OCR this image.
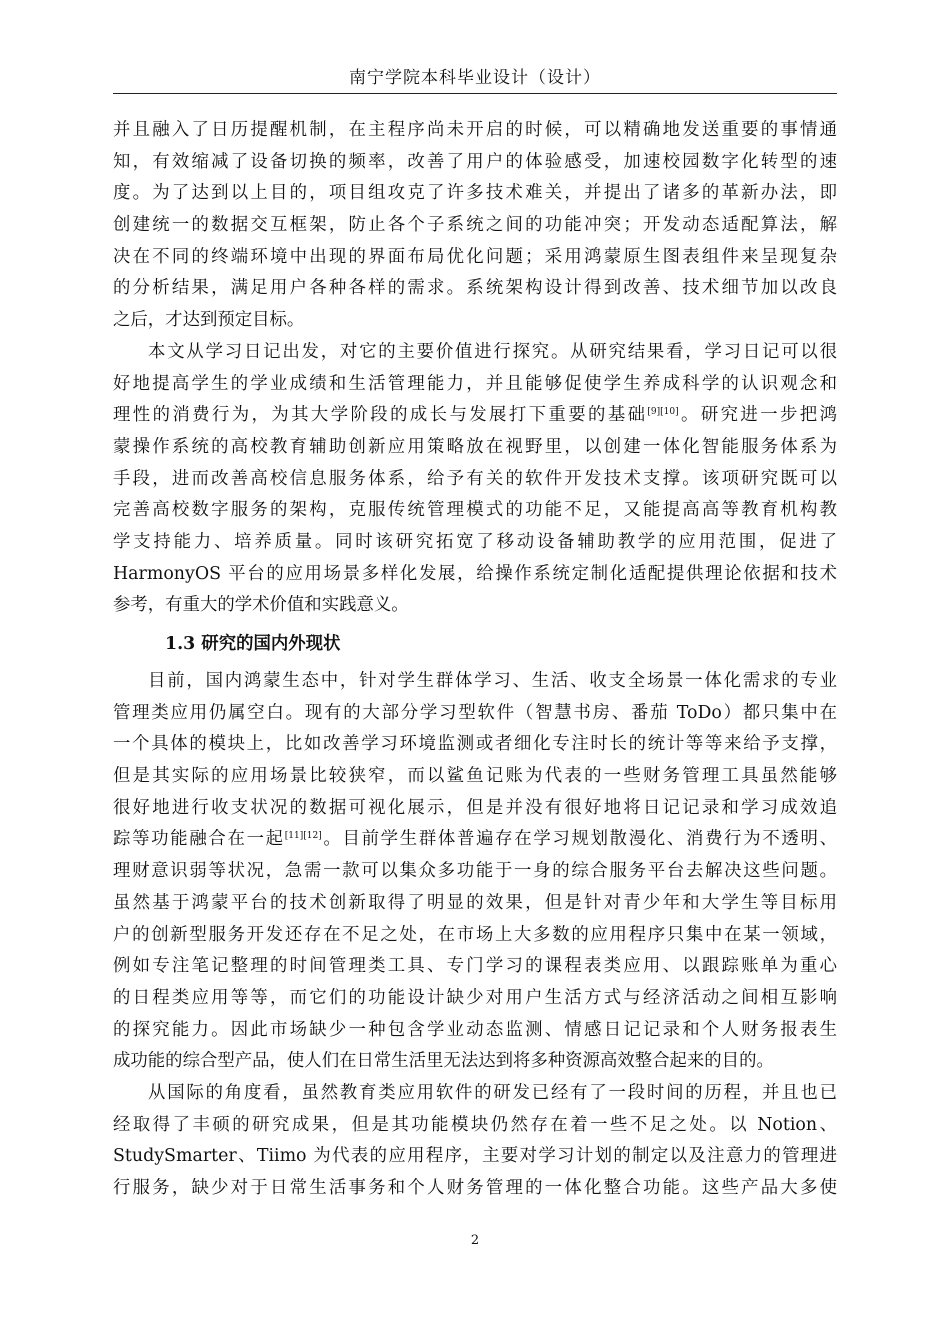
南宁学院本科毕业设计（设计）
并且融入了日历提醒机制，在主程序尚未开启的时候，可以精确地发送重要的事情通
知，有效缩减了设备切换的频率，改善了用户的体验感受，加速校园数字化转型的速
度。为了达到以上目的，项目组攻克了许多技术难关，并提出了诸多的革新办法，即
创建统一的数据交互框架，防止各个子系统之间的功能冲突；开发动态适配算法，解
决在不同的终端环境中出现的界面布局优化问题；采用鸿蒙原生图表组件来呈现复杂
的分析结果，满足用户各种各样的需求。系统架构设计得到改善、技术细节加以改良
之后，才达到预定目标。
本文从学习日记出发，对它的主要价值进行探究。从研究结果看，学习日记可以很
好地提高学生的学业成绩和生活管理能力，并且能够促使学生养成科学的认识观念和
理性的消费行为，为其大学阶段的成长与发展打下重要的基础[9][10]。研究进一步把鸿
蒙操作系统的高校教育辅助创新应用策略放在视野里，以创建一体化智能服务体系为
手段，进而改善高校信息服务体系，给予有关的软件开发技术支撑。该项研究既可以
完善高校数字服务的架构，克服传统管理模式的功能不足，又能提高高等教育机构教
学支持能力、培养质量。同时该研究拓宽了移动设备辅助教学的应用范围，促进了
HarmonyOS 平台的应用场景多样化发展，给操作系统定制化适配提供理论依据和技术
参考，有重大的学术价值和实践意义。
1.3 研究的国内外现状
目前，国内鸿蒙生态中，针对学生群体学习、生活、收支全场景一体化需求的专业
管理类应用仍属空白。现有的大部分学习型软件（智慧书房、番茄 ToDo）都只集中在
一个具体的模块上，比如改善学习环境监测或者细化专注时长的统计等等来给予支撑，
但是其实际的应用场景比较狭窄，而以鲨鱼记账为代表的一些财务管理工具虽然能够
很好地进行收支状况的数据可视化展示，但是并没有很好地将日记记录和学习成效追
踪等功能融合在一起[11][12]。目前学生群体普遍存在学习规划散漫化、消费行为不透明、
理财意识弱等状况，急需一款可以集众多功能于一身的综合服务平台去解决这些问题。
虽然基于鸿蒙平台的技术创新取得了明显的效果，但是针对青少年和大学生等目标用
户的创新型服务开发还存在不足之处，在市场上大多数的应用程序只集中在某一领域，
例如专注笔记整理的时间管理类工具、专门学习的课程表类应用、以跟踪账单为重心
的日程类应用等等，而它们的功能设计缺少对用户生活方式与经济活动之间相互影响
的探究能力。因此市场缺少一种包含学业动态监测、情感日记记录和个人财务报表生
成功能的综合型产品，使人们在日常生活里无法达到将多种资源高效整合起来的目的。
从国际的角度看，虽然教育类应用软件的研发已经有了一段时间的历程，并且也已
经取得了丰硕的研究成果，但是其功能模块仍然存在着一些不足之处。以 Notion、
StudySmarter、Tiimo 为代表的应用程序，主要对学习计划的制定以及注意力的管理进
行服务，缺少对于日常生活事务和个人财务管理的一体化整合功能。这些产品大多使
2
